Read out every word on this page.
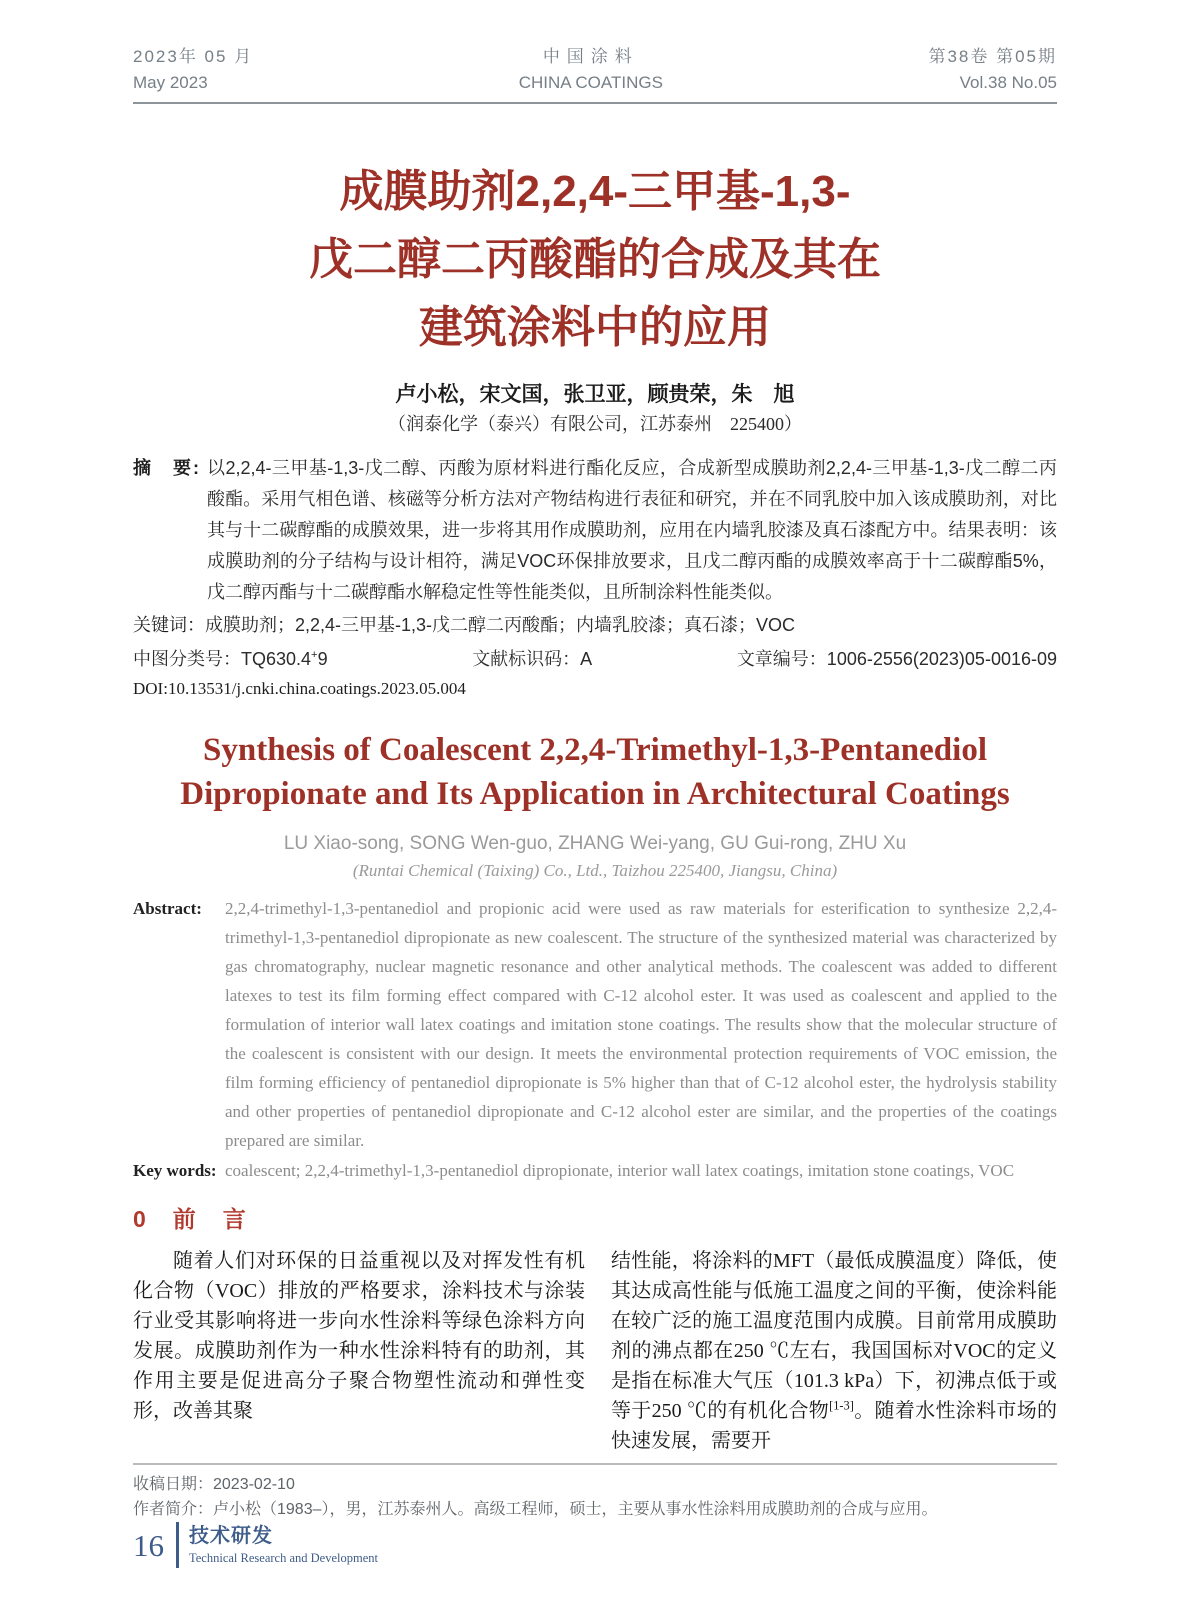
2023年 05 月
May 2023
中国涂料
CHINA COATINGS
第38卷 第05期
Vol.38 No.05
成膜助剂2,2,4-三甲基-1,3-
戊二醇二丙酸酯的合成及其在
建筑涂料中的应用
卢小松，宋文国，张卫亚，顾贵荣，朱　旭
（润泰化学（泰兴）有限公司，江苏泰州　225400）
摘　要: 以2,2,4-三甲基-1,3-戊二醇、丙酸为原材料进行酯化反应，合成新型成膜助剂2,2,4-三甲基-1,3-戊二醇二丙酸酯。采用气相色谱、核磁等分析方法对产物结构进行表征和研究，并在不同乳胶中加入该成膜助剂，对比其与十二碳醇酯的成膜效果，进一步将其用作成膜助剂，应用在内墙乳胶漆及真石漆配方中。结果表明：该成膜助剂的分子结构与设计相符，满足VOC环保排放要求，且戊二醇丙酯的成膜效率高于十二碳醇酯5%，戊二醇丙酯与十二碳醇酯水解稳定性等性能类似，且所制涂料性能类似。
关键词：成膜助剂；2,2,4-三甲基-1,3-戊二醇二丙酸酯；内墙乳胶漆；真石漆；VOC
中图分类号：TQ630.4+9	文献标识码：A	文章编号：1006-2556(2023)05-0016-09
DOI:10.13531/j.cnki.china.coatings.2023.05.004
Synthesis of Coalescent 2,2,4-Trimethyl-1,3-Pentanediol
Dipropionate and Its Application in Architectural Coatings
LU Xiao-song, SONG Wen-guo, ZHANG Wei-yang, GU Gui-rong, ZHU Xu
(Runtai Chemical (Taixing) Co., Ltd., Taizhou 225400, Jiangsu, China)
Abstract: 2,2,4-trimethyl-1,3-pentanediol and propionic acid were used as raw materials for esterification to synthesize 2,2,4-trimethyl-1,3-pentanediol dipropionate as new coalescent. The structure of the synthesized material was characterized by gas chromatography, nuclear magnetic resonance and other analytical methods. The coalescent was added to different latexes to test its film forming effect compared with C-12 alcohol ester. It was used as coalescent and applied to the formulation of interior wall latex coatings and imitation stone coatings. The results show that the molecular structure of the coalescent is consistent with our design. It meets the environmental protection requirements of VOC emission, the film forming efficiency of pentanediol dipropionate is 5% higher than that of C-12 alcohol ester, the hydrolysis stability and other properties of pentanediol dipropionate and C-12 alcohol ester are similar, and the properties of the coatings prepared are similar.
Key words: coalescent; 2,2,4-trimethyl-1,3-pentanediol dipropionate, interior wall latex coatings, imitation stone coatings, VOC
0　前　言
随着人们对环保的日益重视以及对挥发性有机化合物（VOC）排放的严格要求，涂料技术与涂装行业受其影响将进一步向水性涂料等绿色涂料方向发展。成膜助剂作为一种水性涂料特有的助剂，其作用主要是促进高分子聚合物塑性流动和弹性变形，改善其聚
结性能，将涂料的MFT（最低成膜温度）降低，使其达成高性能与低施工温度之间的平衡，使涂料能在较广泛的施工温度范围内成膜。目前常用成膜助剂的沸点都在250 ℃左右，我国国标对VOC的定义是指在标准大气压（101.3 kPa）下，初沸点低于或等于250 ℃的有机化合物[1-3]。随着水性涂料市场的快速发展，需要开
收稿日期：2023-02-10
作者简介：卢小松（1983–），男，江苏泰州人。高级工程师，硕士，主要从事水性涂料用成膜助剂的合成与应用。
16 技术研发
Technical Research and Development
